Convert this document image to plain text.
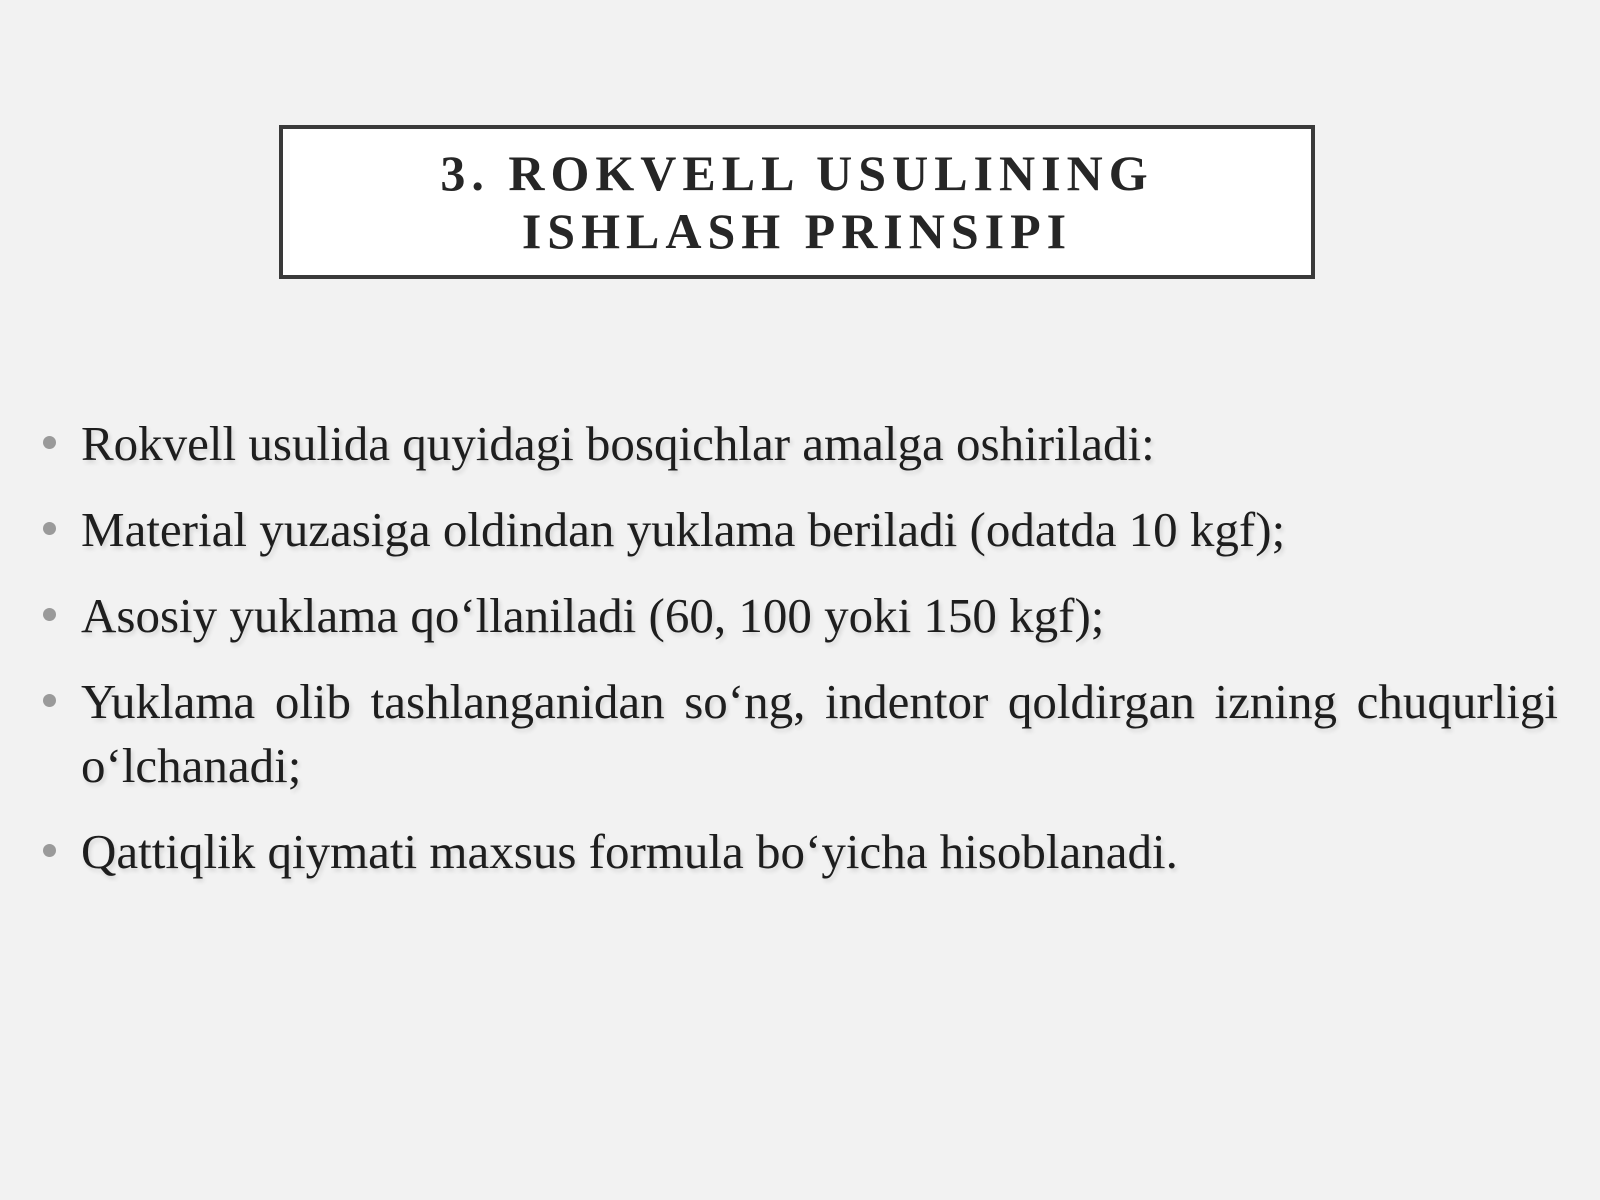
3. ROKVELL USULINING
ISHLASH PRINSIPI
Rokvell usulida quyidagi bosqichlar amalga oshiriladi:
Material yuzasiga oldindan yuklama beriladi (odatda 10 kgf);
Asosiy yuklama qo‘llaniladi (60, 100 yoki 150 kgf);
Yuklama olib tashlanganidan so‘ng, indentor qoldirgan izning chuqurligi o‘lchanadi;
Qattiqlik qiymati maxsus formula bo‘yicha hisoblanadi.
